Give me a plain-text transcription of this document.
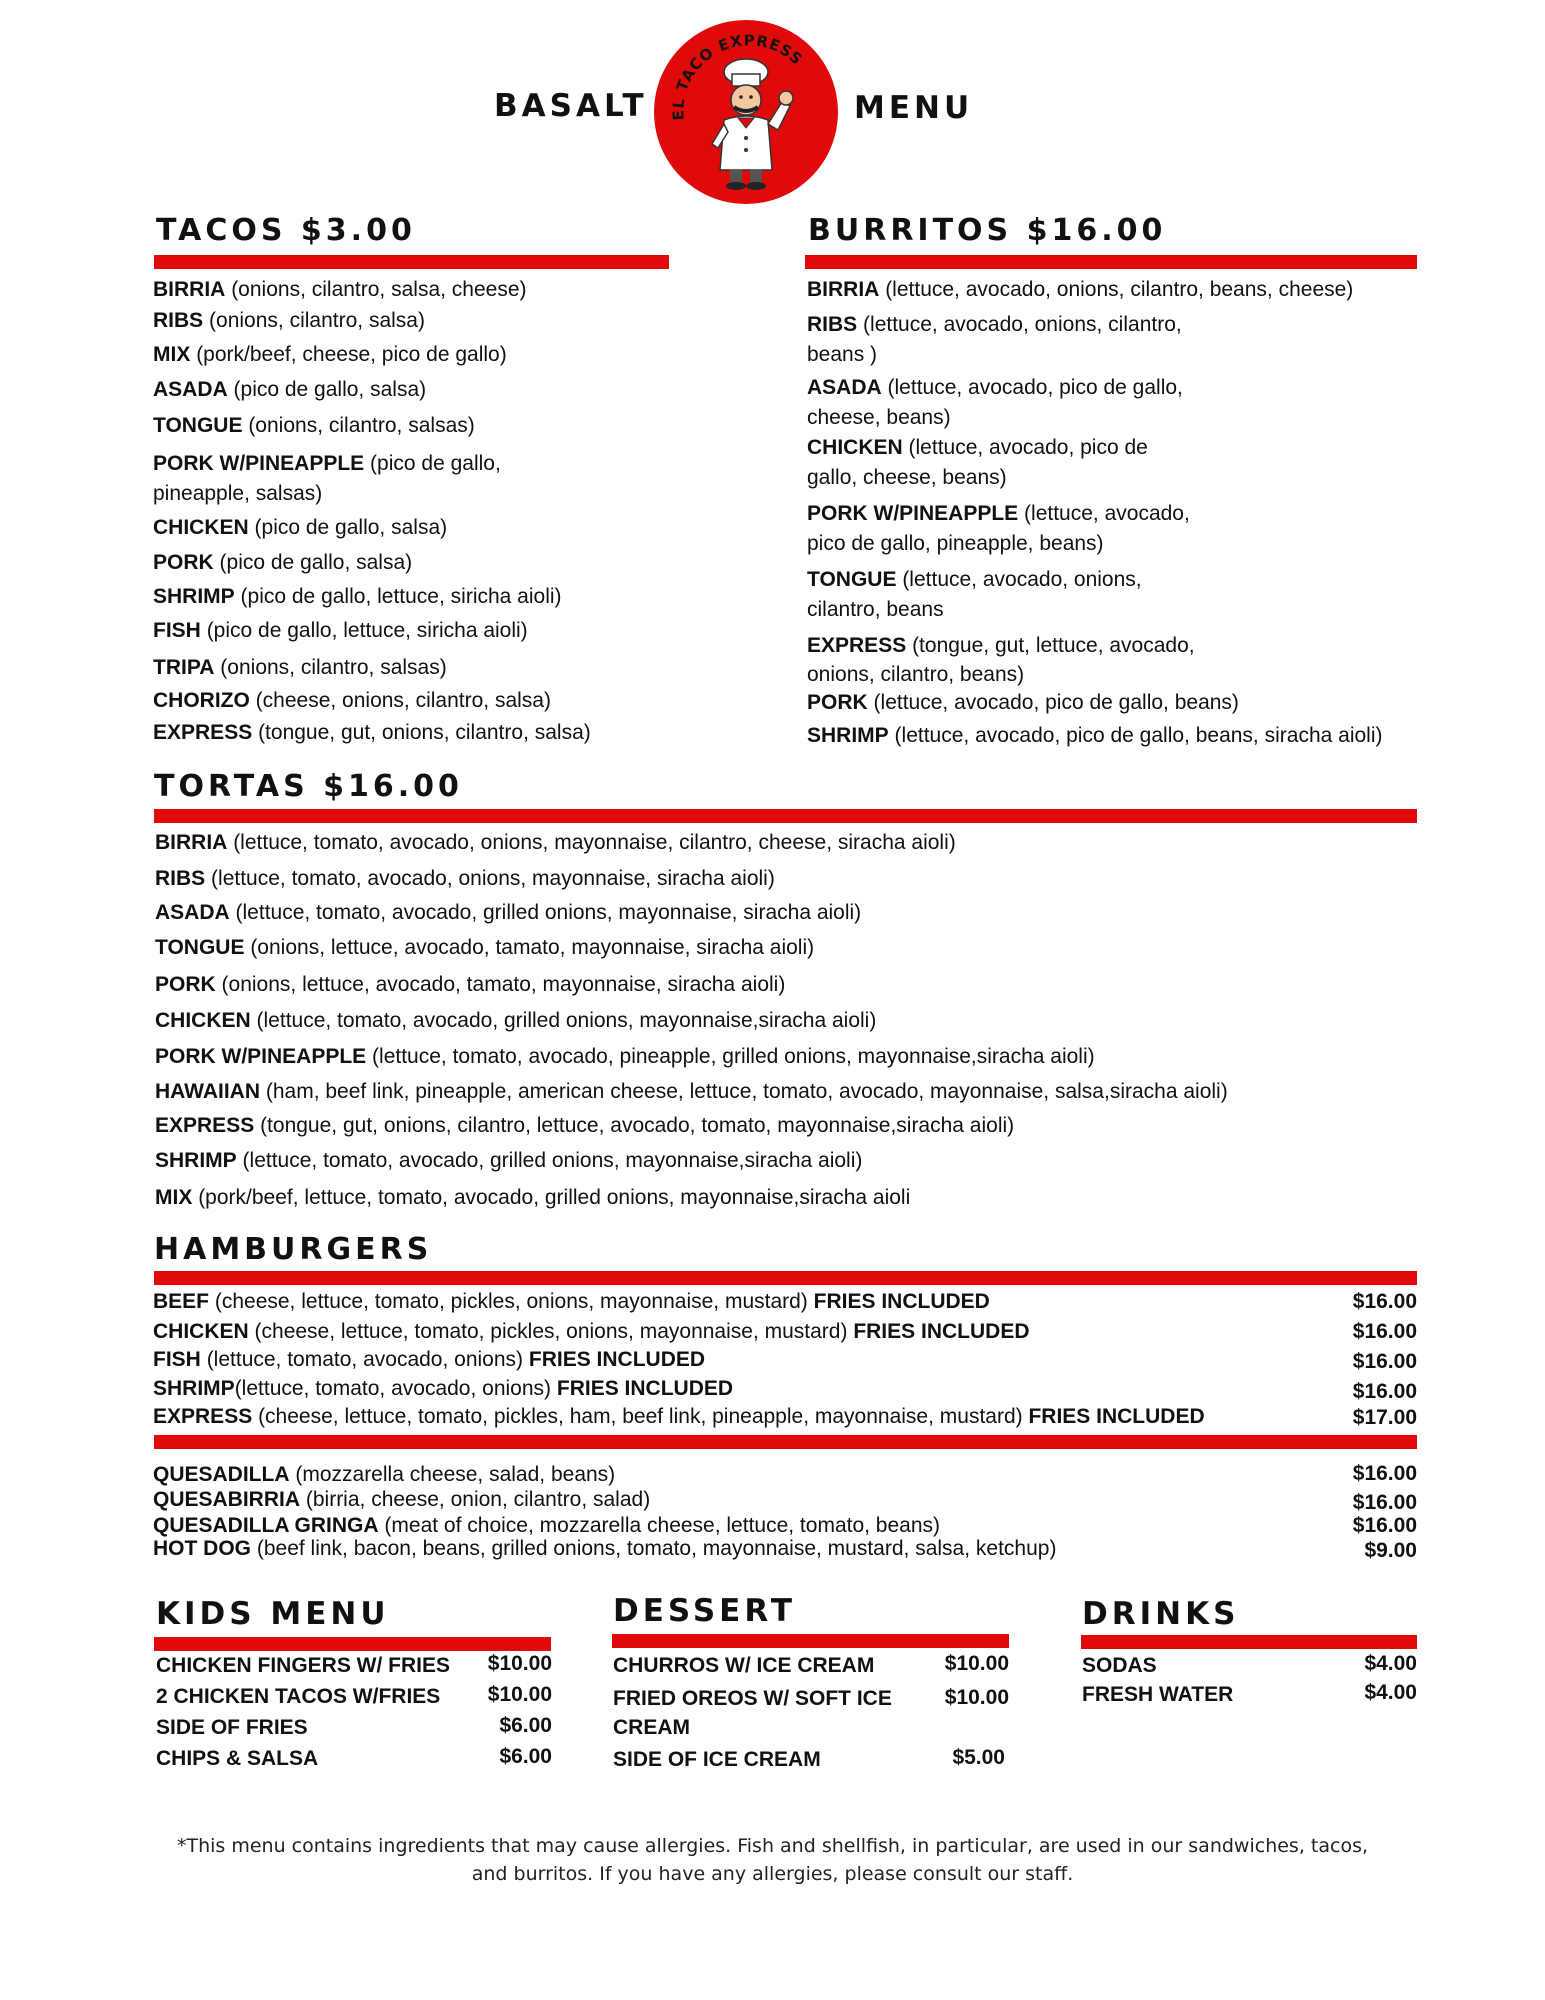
BASALT	MENU
EL TACO EXPRESS
TACOS $3.00
BIRRIA (onions, cilantro, salsa, cheese)
RIBS (onions, cilantro, salsa)
MIX (pork/beef, cheese, pico de gallo)
ASADA (pico de gallo, salsa)
TONGUE (onions, cilantro, salsas)
PORK W/PINEAPPLE (pico de gallo, pineapple, salsas)
CHICKEN (pico de gallo, salsa)
PORK (pico de gallo, salsa)
SHRIMP (pico de gallo, lettuce, siricha aioli)
FISH (pico de gallo, lettuce, siricha aioli)
TRIPA (onions, cilantro, salsas)
CHORIZO (cheese, onions, cilantro, salsa)
EXPRESS (tongue, gut, onions, cilantro, salsa)
BURRITOS $16.00
BIRRIA (lettuce, avocado, onions, cilantro, beans, cheese)
RIBS (lettuce, avocado, onions, cilantro, beans )
ASADA (lettuce, avocado, pico de gallo, cheese, beans)
CHICKEN (lettuce, avocado, pico de gallo, cheese, beans)
PORK W/PINEAPPLE (lettuce, avocado, pico de gallo, pineapple, beans)
TONGUE (lettuce, avocado, onions, cilantro, beans
EXPRESS (tongue, gut, lettuce, avocado, onions, cilantro, beans)
PORK (lettuce, avocado, pico de gallo, beans)
SHRIMP (lettuce, avocado, pico de gallo, beans, siracha aioli)
TORTAS $16.00
BIRRIA (lettuce, tomato, avocado, onions, mayonnaise, cilantro, cheese, siracha aioli)
RIBS (lettuce, tomato, avocado, onions, mayonnaise, siracha aioli)
ASADA (lettuce, tomato, avocado, grilled onions, mayonnaise, siracha aioli)
TONGUE (onions, lettuce, avocado, tamato, mayonnaise, siracha aioli)
PORK (onions, lettuce, avocado, tamato, mayonnaise, siracha aioli)
CHICKEN (lettuce, tomato, avocado, grilled onions, mayonnaise,siracha aioli)
PORK W/PINEAPPLE (lettuce, tomato, avocado, pineapple, grilled onions, mayonnaise,siracha aioli)
HAWAIIAN (ham, beef link, pineapple, american cheese, lettuce, tomato, avocado, mayonnaise, salsa,siracha aioli)
EXPRESS (tongue, gut, onions, cilantro, lettuce, avocado, tomato, mayonnaise,siracha aioli)
SHRIMP (lettuce, tomato, avocado, grilled onions, mayonnaise,siracha aioli)
MIX (pork/beef, lettuce, tomato, avocado, grilled onions, mayonnaise,siracha aioli
HAMBURGERS
BEEF (cheese, lettuce, tomato, pickles, onions, mayonnaise, mustard) FRIES INCLUDED	$16.00
CHICKEN (cheese, lettuce, tomato, pickles, onions, mayonnaise, mustard) FRIES INCLUDED	$16.00
FISH (lettuce, tomato, avocado, onions) FRIES INCLUDED	$16.00
SHRIMP(lettuce, tomato, avocado, onions) FRIES INCLUDED	$16.00
EXPRESS (cheese, lettuce, tomato, pickles, ham, beef link, pineapple, mayonnaise, mustard) FRIES INCLUDED	$17.00
QUESADILLA (mozzarella cheese, salad, beans)	$16.00
QUESABIRRIA (birria, cheese, onion, cilantro, salad)	$16.00
QUESADILLA GRINGA (meat of choice, mozzarella cheese, lettuce, tomato, beans)	$16.00
HOT DOG (beef link, bacon, beans, grilled onions, tomato, mayonnaise, mustard, salsa, ketchup)	$9.00
KIDS MENU
CHICKEN FINGERS W/ FRIES	$10.00
2 CHICKEN TACOS W/FRIES	$10.00
SIDE OF FRIES	$6.00
CHIPS & SALSA	$6.00
DESSERT
CHURROS W/ ICE CREAM	$10.00
FRIED OREOS W/ SOFT ICE CREAM
$10.00
SIDE OF ICE CREAM	$5.00
DRINKS
SODAS	$4.00
FRESH WATER	$4.00
*This menu contains ingredients that may cause allergies. Fish and shellfish, in particular, are used in our sandwiches, tacos,
and burritos. If you have any allergies, please consult our staff.
